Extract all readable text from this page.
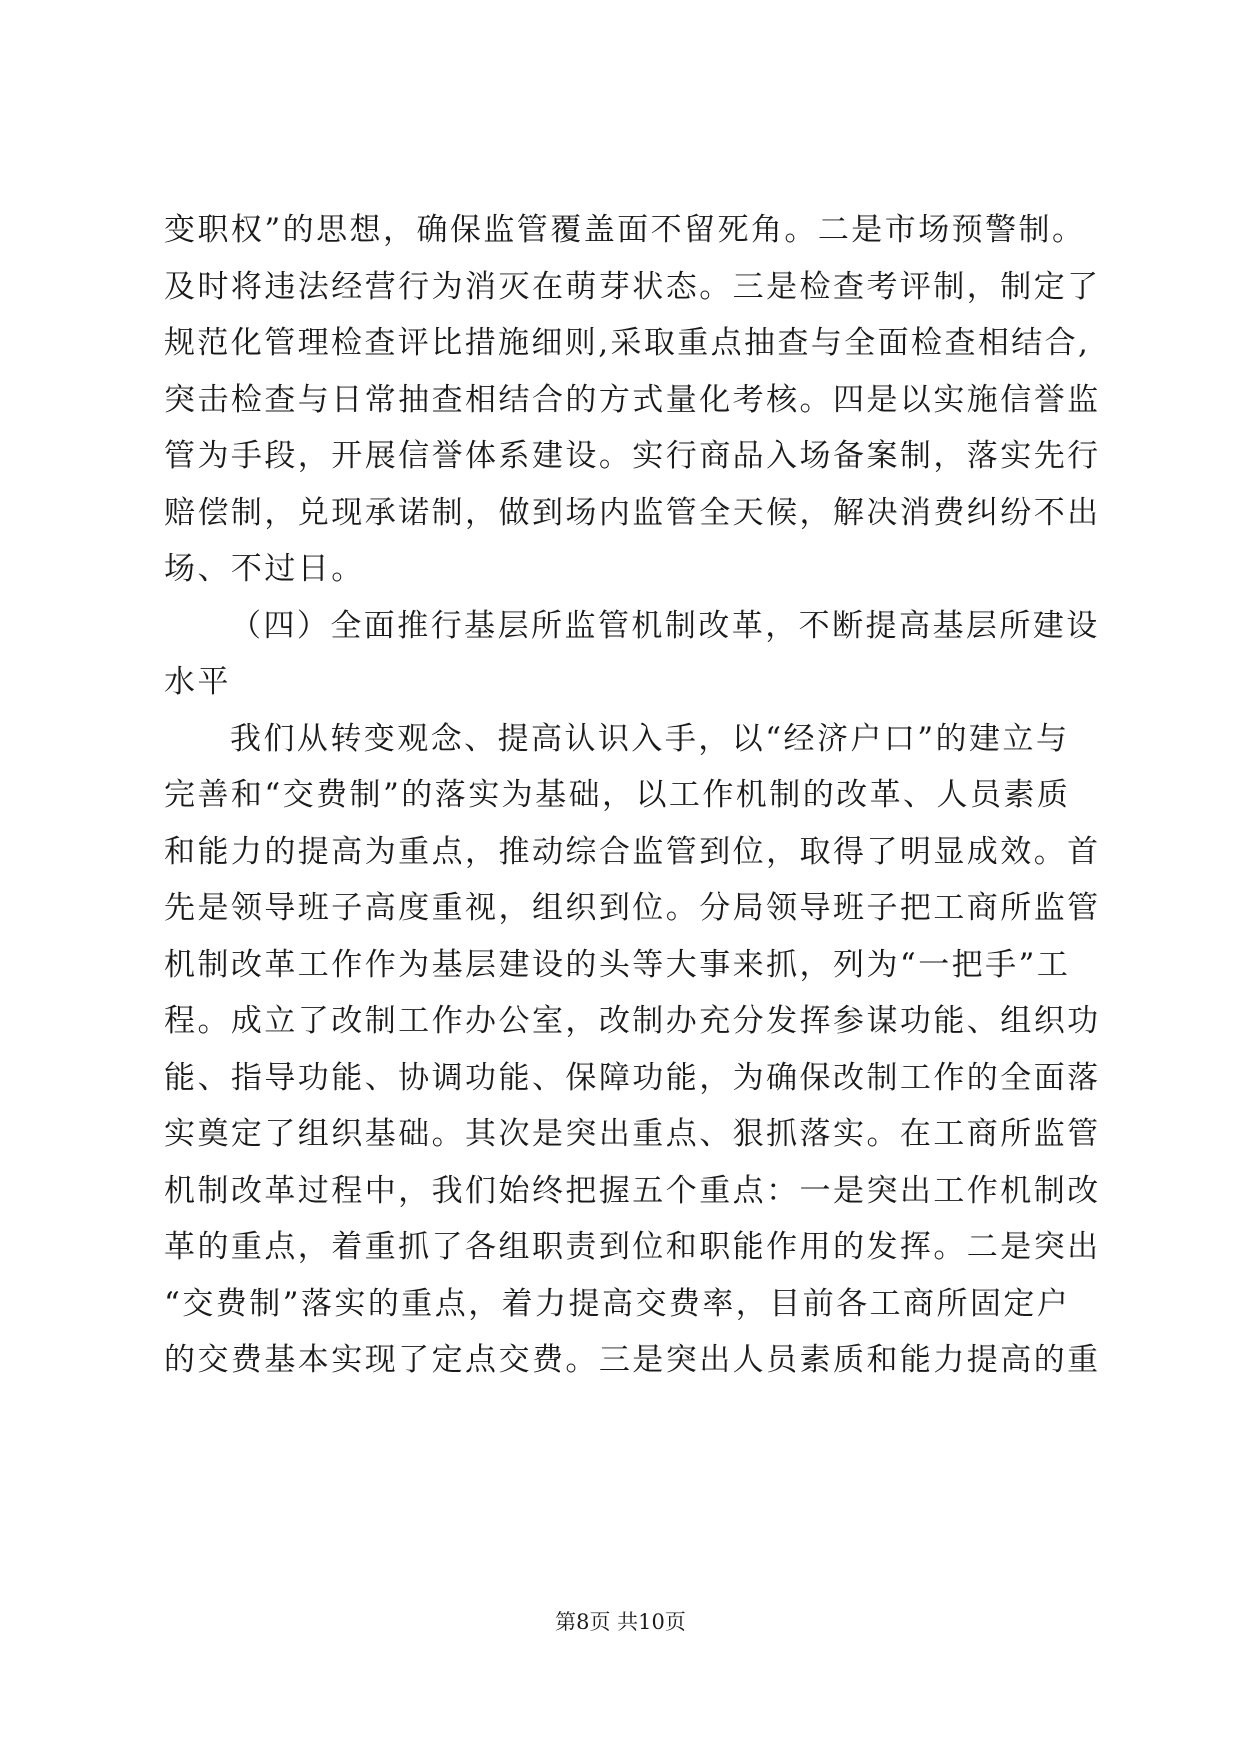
变职权”的思想，确保监管覆盖面不留死角。二是市场预警制。
及时将违法经营行为消灭在萌芽状态。三是检查考评制，制定了
规范化管理检查评比措施细则,采取重点抽查与全面检查相结合,
突击检查与日常抽查相结合的方式量化考核。四是以实施信誉监
管为手段，开展信誉体系建设。实行商品入场备案制，落实先行
赔偿制，兑现承诺制，做到场内监管全天候，解决消费纠纷不出
场、不过日。
（四）全面推行基层所监管机制改革，不断提高基层所建设
水平
我们从转变观念、提高认识入手，以“经济户口”的建立与
完善和“交费制”的落实为基础，以工作机制的改革、人员素质
和能力的提高为重点，推动综合监管到位，取得了明显成效。首
先是领导班子高度重视，组织到位。分局领导班子把工商所监管
机制改革工作作为基层建设的头等大事来抓，列为“一把手”工
程。成立了改制工作办公室，改制办充分发挥参谋功能、组织功
能、指导功能、协调功能、保障功能，为确保改制工作的全面落
实奠定了组织基础。其次是突出重点、狠抓落实。在工商所监管
机制改革过程中，我们始终把握五个重点：一是突出工作机制改
革的重点，着重抓了各组职责到位和职能作用的发挥。二是突出
“交费制”落实的重点，着力提高交费率，目前各工商所固定户
的交费基本实现了定点交费。三是突出人员素质和能力提高的重
第8页 共10页
